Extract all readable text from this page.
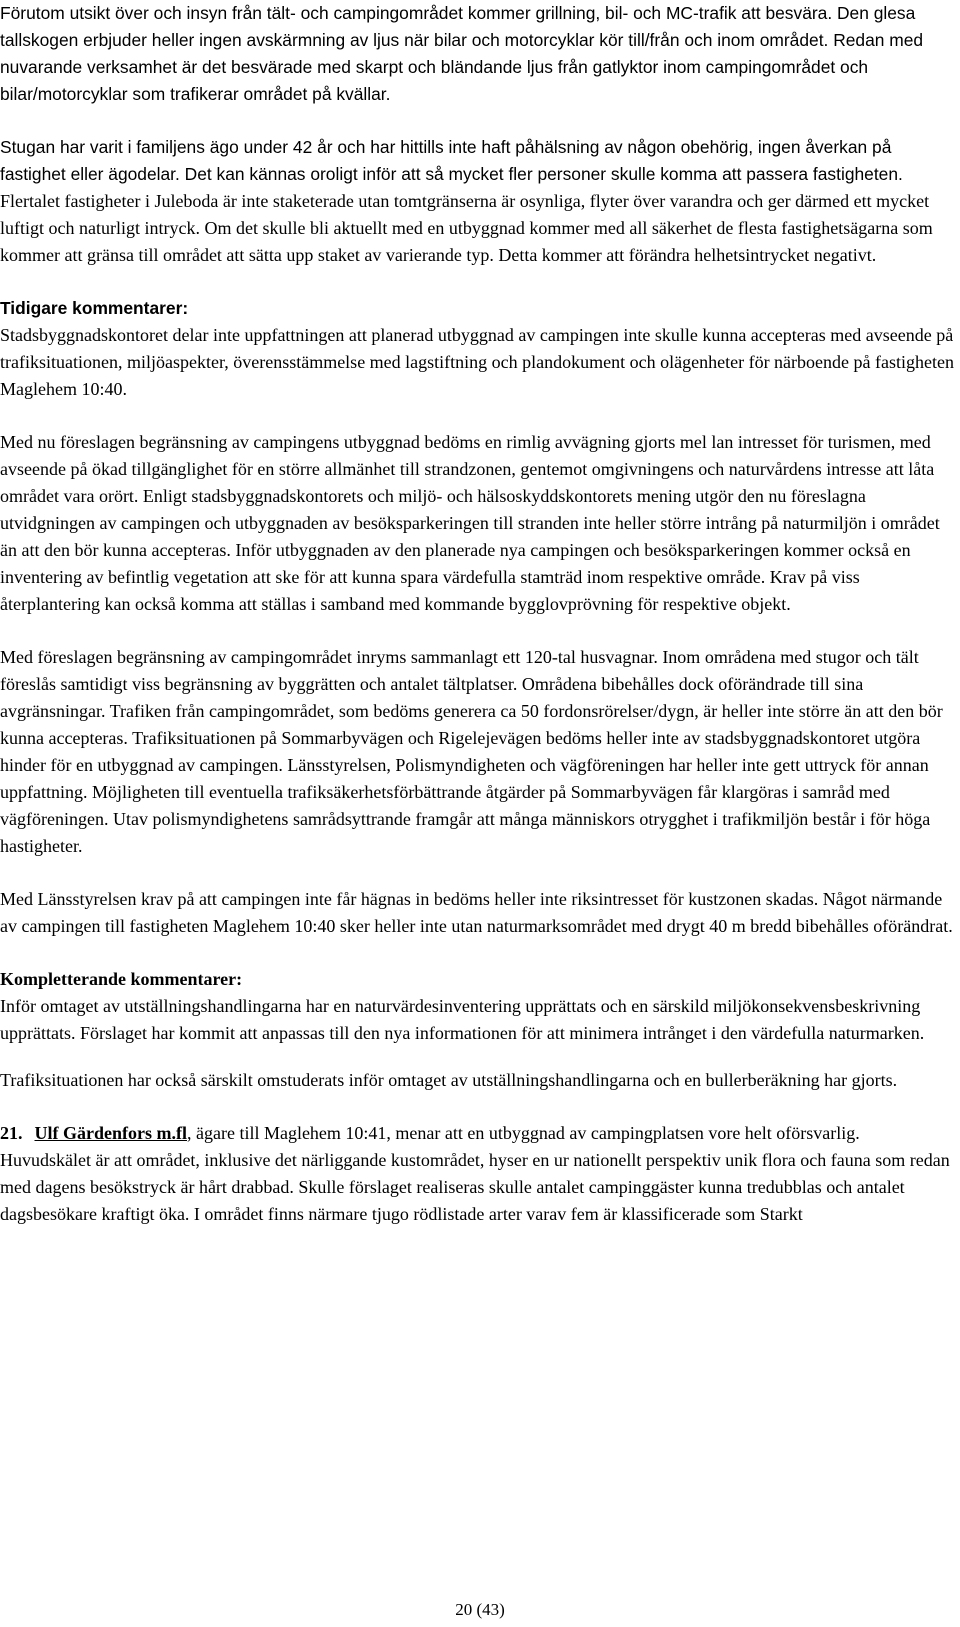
Förutom utsikt över och insyn från tält- och campingområdet kommer grillning, bil- och MC-trafik att besvära. Den glesa tallskogen erbjuder heller ingen avskärmning av ljus när bilar och motorcyklar kör till/från och inom området. Redan med nuvarande verksamhet är det besvärade med skarpt och bländande ljus från gatlyktor inom campingområdet och bilar/motorcyklar som trafikerar området på kvällar.

Stugan har varit i familjens ägo under 42 år och har hittills inte haft påhälsning av någon obehörig, ingen åverkan på fastighet eller ägodelar. Det kan kännas oroligt inför att så mycket fler personer skulle komma att passera fastigheten. Flertalet fastigheter i Juleboda är inte staketerade utan tomtgränserna är osynliga, flyter över varandra och ger därmed ett mycket luftigt och naturligt intryck. Om det skulle bli aktuellt med en utbyggnad kommer med all säkerhet de flesta fastighetsägarna som kommer att gränsa till området att sätta upp staket av varierande typ. Detta kommer att förändra helhetsintrycket negativt.

Tidigare kommentarer:

Stadsbyggnadskontoret delar inte uppfattningen att planerad utbyggnad av campingen inte skulle kunna accepteras med avseende på trafiksituationen, miljöaspekter, överensstämmelse med lagstiftning och plandokument och olägenheter för närboende på fastigheten Maglehem 10:40.

Med nu föreslagen begränsning av campingens utbyggnad bedöms en rimlig avvägning gjorts mel lan intresset för turismen, med avseende på ökad tillgänglighet för en större allmänhet till strandzonen, gentemot omgivningens och naturvårdens intresse att låta området vara orört. Enligt stadsbyggnadskontorets och miljö- och hälsoskyddskontorets mening utgör den nu föreslagna utvidgningen av campingen och utbyggnaden av besöksparkeringen till stranden inte heller större intrång på naturmiljön i området än att den bör kunna accepteras. Inför utbyggnaden av den planerade nya campingen och besöksparkeringen kommer också en inventering av befintlig vegetation att ske för att kunna spara värdefulla stamträd inom respektive område. Krav på viss återplantering kan också komma att ställas i samband med kommande bygglovprövning för respektive objekt.

Med föreslagen begränsning av campingområdet inryms sammanlagt ett 120-tal husvagnar. Inom områdena med stugor och tält föreslås samtidigt viss begränsning av byggrätten och antalet tältplatser. Områdena bibehålles dock oförändrade till sina avgränsningar. Trafiken från campingområdet, som bedöms generera ca 50 fordonsrörelser/dygn, är heller inte större än att den bör kunna accepteras. Trafiksituationen på Sommarbyvägen och Rigelejevägen bedöms heller inte av stadsbyggnadskontoret utgöra hinder för en utbyggnad av campingen. Länsstyrelsen, Polismyndigheten och vägföreningen har heller inte gett uttryck för annan uppfattning. Möjligheten till eventuella trafiksäkerhetsförbättrande åtgärder på Sommarbyvägen får klargöras i samråd med vägföreningen. Utav polismyndighetens samrådsyttrande framgår att många människors otrygghet i trafikmiljön består i för höga hastigheter.

Med Länsstyrelsen krav på att campingen inte får hägnas in bedöms heller inte riksintresset för kustzonen skadas. Något närmande av campingen till fastigheten Maglehem 10:40 sker heller inte utan naturmarksområdet med drygt 40 m bredd bibehålles oförändrat.

Kompletterande kommentarer:

Inför omtaget av utställningshandlingarna har en naturvärdesinventering upprättats och en särskild miljökonsekvensbeskrivning upprättats. Förslaget har kommit att anpassas till den nya informationen för att minimera intrånget i den värdefulla naturmarken.

Trafiksituationen har också särskilt omstuderats inför omtaget av utställningshandlingarna och en bullerberäkning har gjorts.

21. Ulf Gärdenfors m.fl, ägare till Maglehem 10:41, menar att en utbyggnad av campingplatsen vore helt oförsvarlig. Huvudskälet är att området, inklusive det närliggande kustområdet, hyser en ur nationellt perspektiv unik flora och fauna som redan med dagens besökstryck är hårt drabbad. Skulle förslaget realiseras skulle antalet campinggäster kunna tredubblas och antalet dagsbesökare kraftigt öka. I området finns närmare tjugo rödlistade arter varav fem är klassificerade som Starkt

20 (43)
